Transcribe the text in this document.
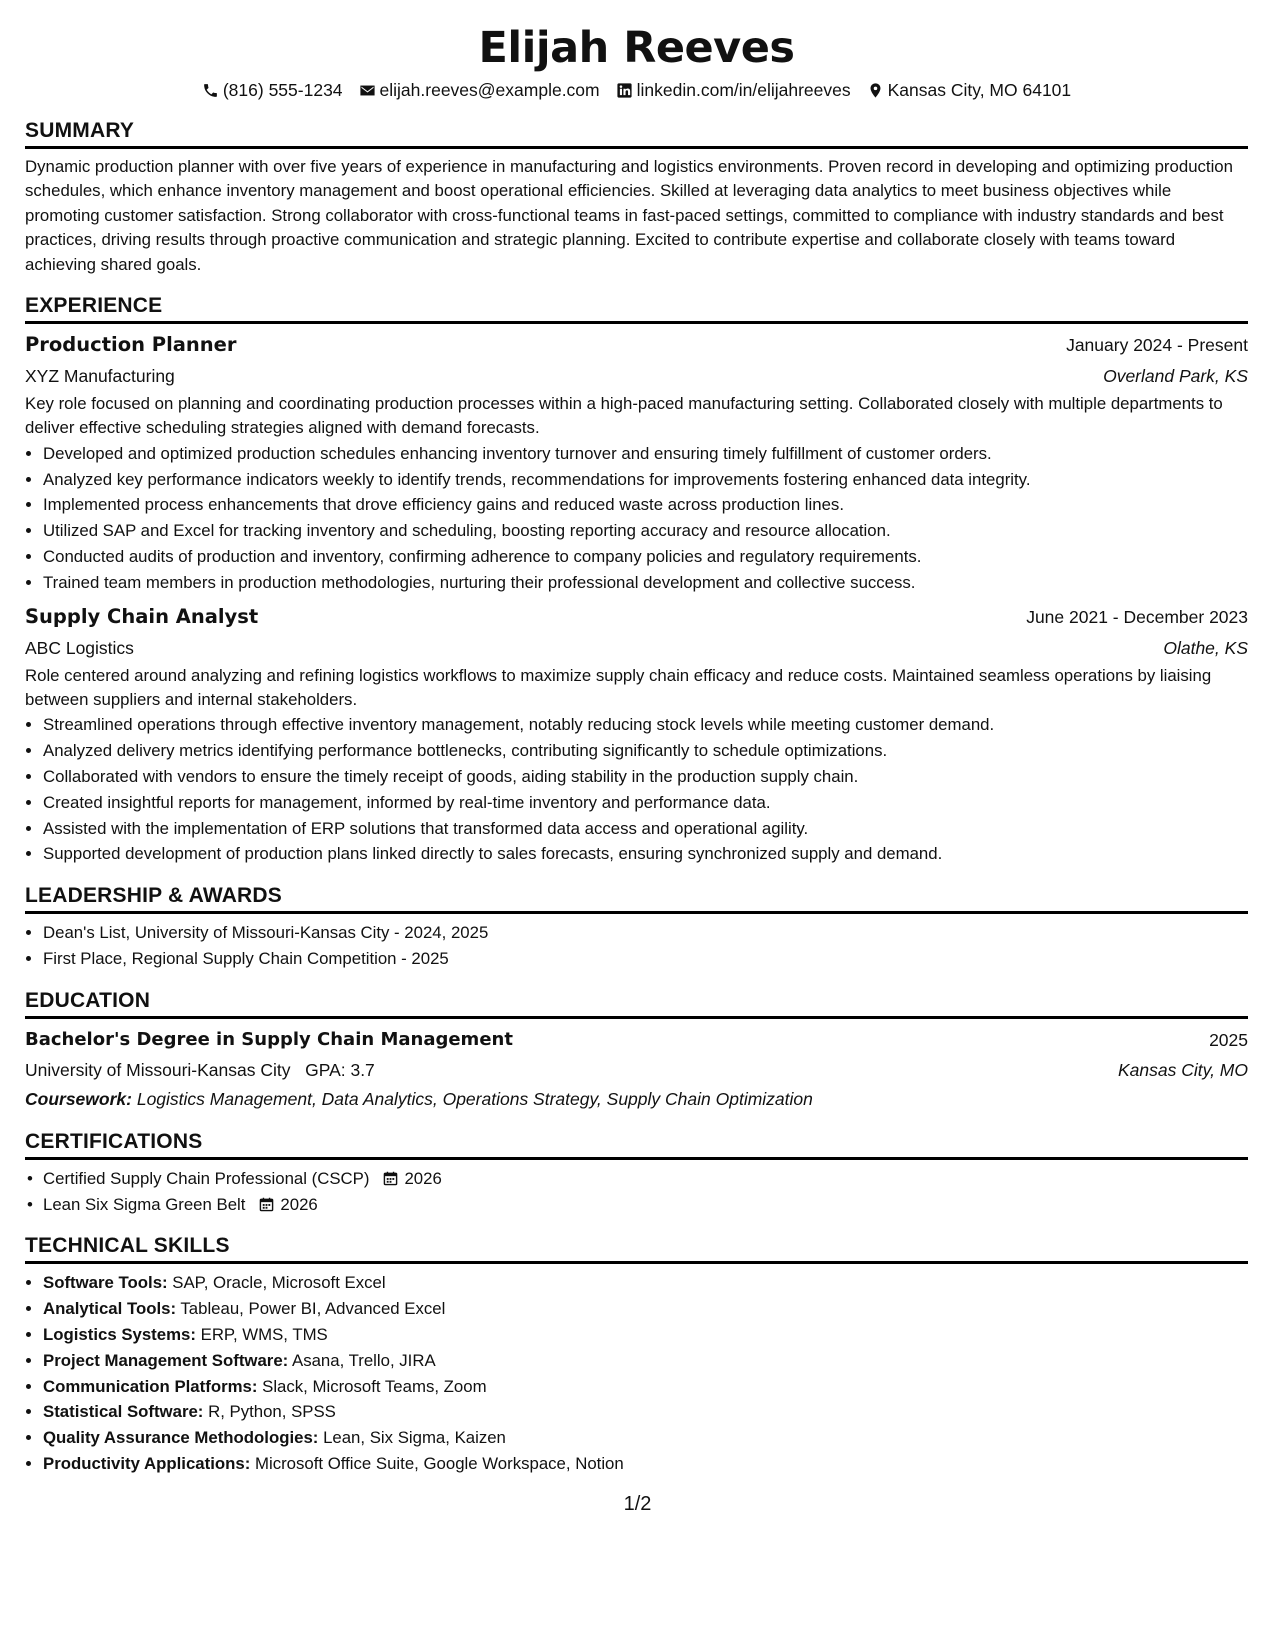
Elijah Reeves
(816) 555-1234 elijah.reeves@example.com linkedin.com/in/elijahreeves Kansas City, MO 64101
SUMMARY
Dynamic production planner with over five years of experience in manufacturing and logistics environments. Proven record in developing and optimizing production schedules, which enhance inventory management and boost operational efficiencies. Skilled at leveraging data analytics to meet business objectives while promoting customer satisfaction. Strong collaborator with cross-functional teams in fast-paced settings, committed to compliance with industry standards and best practices, driving results through proactive communication and strategic planning. Excited to contribute expertise and collaborate closely with teams toward achieving shared goals.
EXPERIENCE
Production Planner	January 2024 - Present
XYZ Manufacturing	Overland Park, KS
Key role focused on planning and coordinating production processes within a high-paced manufacturing setting. Collaborated closely with multiple departments to deliver effective scheduling strategies aligned with demand forecasts.
• Developed and optimized production schedules enhancing inventory turnover and ensuring timely fulfillment of customer orders.
• Analyzed key performance indicators weekly to identify trends, recommendations for improvements fostering enhanced data integrity.
• Implemented process enhancements that drove efficiency gains and reduced waste across production lines.
• Utilized SAP and Excel for tracking inventory and scheduling, boosting reporting accuracy and resource allocation.
• Conducted audits of production and inventory, confirming adherence to company policies and regulatory requirements.
• Trained team members in production methodologies, nurturing their professional development and collective success.
Supply Chain Analyst	June 2021 - December 2023
ABC Logistics	Olathe, KS
Role centered around analyzing and refining logistics workflows to maximize supply chain efficacy and reduce costs. Maintained seamless operations by liaising between suppliers and internal stakeholders.
• Streamlined operations through effective inventory management, notably reducing stock levels while meeting customer demand.
• Analyzed delivery metrics identifying performance bottlenecks, contributing significantly to schedule optimizations.
• Collaborated with vendors to ensure the timely receipt of goods, aiding stability in the production supply chain.
• Created insightful reports for management, informed by real-time inventory and performance data.
• Assisted with the implementation of ERP solutions that transformed data access and operational agility.
• Supported development of production plans linked directly to sales forecasts, ensuring synchronized supply and demand.
LEADERSHIP & AWARDS
• Dean's List, University of Missouri-Kansas City - 2024, 2025
• First Place, Regional Supply Chain Competition - 2025
EDUCATION
Bachelor's Degree in Supply Chain Management	2025
University of Missouri-Kansas City GPA: 3.7	Kansas City, MO
Coursework: Logistics Management, Data Analytics, Operations Strategy, Supply Chain Optimization
CERTIFICATIONS
• Certified Supply Chain Professional (CSCP) 2026
• Lean Six Sigma Green Belt 2026
TECHNICAL SKILLS
• Software Tools: SAP, Oracle, Microsoft Excel
• Analytical Tools: Tableau, Power BI, Advanced Excel
• Logistics Systems: ERP, WMS, TMS
• Project Management Software: Asana, Trello, JIRA
• Communication Platforms: Slack, Microsoft Teams, Zoom
• Statistical Software: R, Python, SPSS
• Quality Assurance Methodologies: Lean, Six Sigma, Kaizen
• Productivity Applications: Microsoft Office Suite, Google Workspace, Notion
1/2
